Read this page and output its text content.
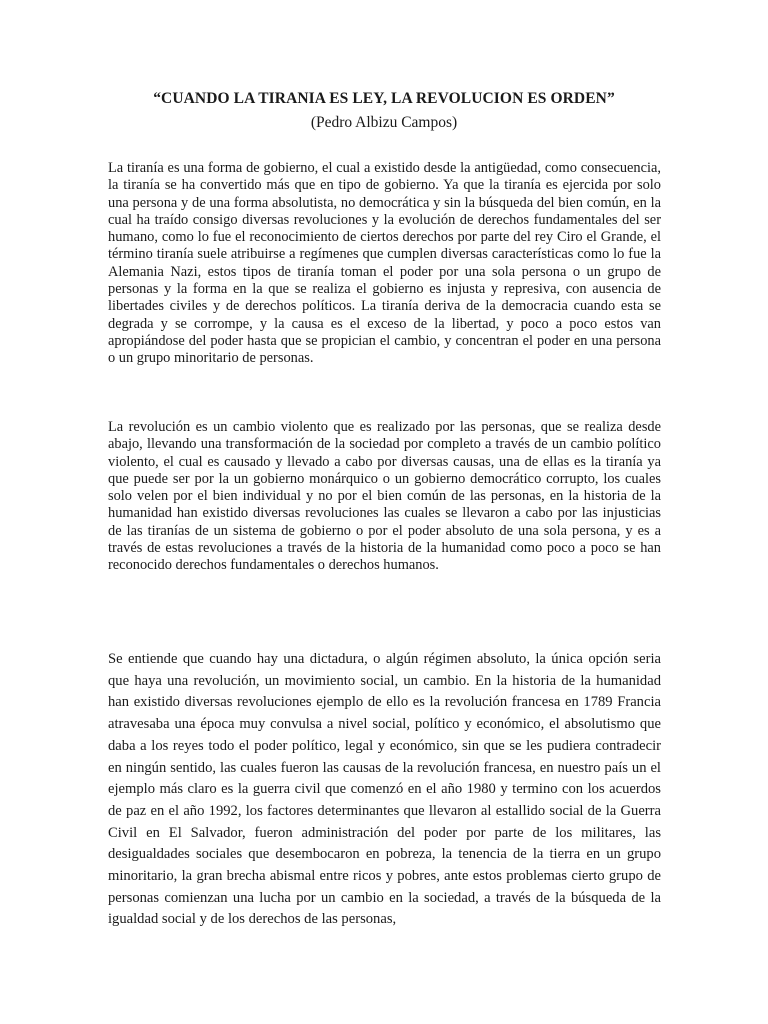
“CUANDO LA TIRANIA ES LEY, LA REVOLUCION ES ORDEN”

(Pedro Albizu Campos)

La tiranía es una forma de gobierno, el cual a existido desde la antigüedad, como consecuencia, la tiranía se ha convertido más que en tipo de gobierno. Ya que la tiranía es ejercida por solo una persona y de una forma absolutista, no democrática y sin la búsqueda del bien común, en la cual ha traído consigo diversas revoluciones y la evolución de derechos fundamentales del ser humano, como lo fue el reconocimiento de ciertos derechos por parte del rey Ciro el Grande, el término tiranía suele atribuirse a regímenes que cumplen diversas características como lo fue la Alemania Nazi, estos tipos de tiranía toman el poder por una sola persona o un grupo de personas y la forma en la que se realiza el gobierno es injusta y represiva, con ausencia de libertades civiles y de derechos políticos. La tiranía deriva de la democracia cuando esta se degrada y se corrompe, y la causa es el exceso de la libertad, y poco a poco estos van apropiándose del poder hasta que se propician el cambio, y concentran el poder en una persona o un grupo minoritario de personas.

La revolución es un cambio violento que es realizado por las personas, que se realiza desde abajo, llevando una transformación de la sociedad por completo a través de un cambio político violento, el cual es causado y llevado a cabo por diversas causas, una de ellas es la tiranía ya que puede ser por la un gobierno monárquico o un gobierno democrático corrupto, los cuales solo velen por el bien individual y no por el bien común de las personas, en la historia de la humanidad han existido diversas revoluciones las cuales se llevaron a cabo por las injusticias de las tiranías de un sistema de gobierno o por el poder absoluto de una sola persona, y es a través de estas revoluciones a través de la historia de la humanidad como poco a poco se han reconocido derechos fundamentales o derechos humanos.

Se entiende que cuando hay una dictadura, o algún régimen absoluto, la única opción seria que haya una revolución, un movimiento social, un cambio. En la historia de la humanidad han existido diversas revoluciones ejemplo de ello es la revolución francesa en 1789 Francia atravesaba una época muy convulsa a nivel social, político y económico, el absolutismo que daba a los reyes todo el poder político, legal y económico, sin que se les pudiera contradecir en ningún sentido, las cuales fueron las causas de la revolución francesa, en nuestro país un el ejemplo más claro es la guerra civil que comenzó en el año 1980 y termino con los acuerdos de paz en el año 1992, los factores determinantes que llevaron al estallido social de la Guerra Civil en El Salvador, fueron administración del poder por parte de los militares, las desigualdades sociales que desembocaron en pobreza, la tenencia de la tierra en un grupo minoritario, la gran brecha abismal entre ricos y pobres, ante estos problemas cierto grupo de personas comienzan una lucha por un cambio en la sociedad, a través de la búsqueda de la igualdad social y de los derechos de las personas,
